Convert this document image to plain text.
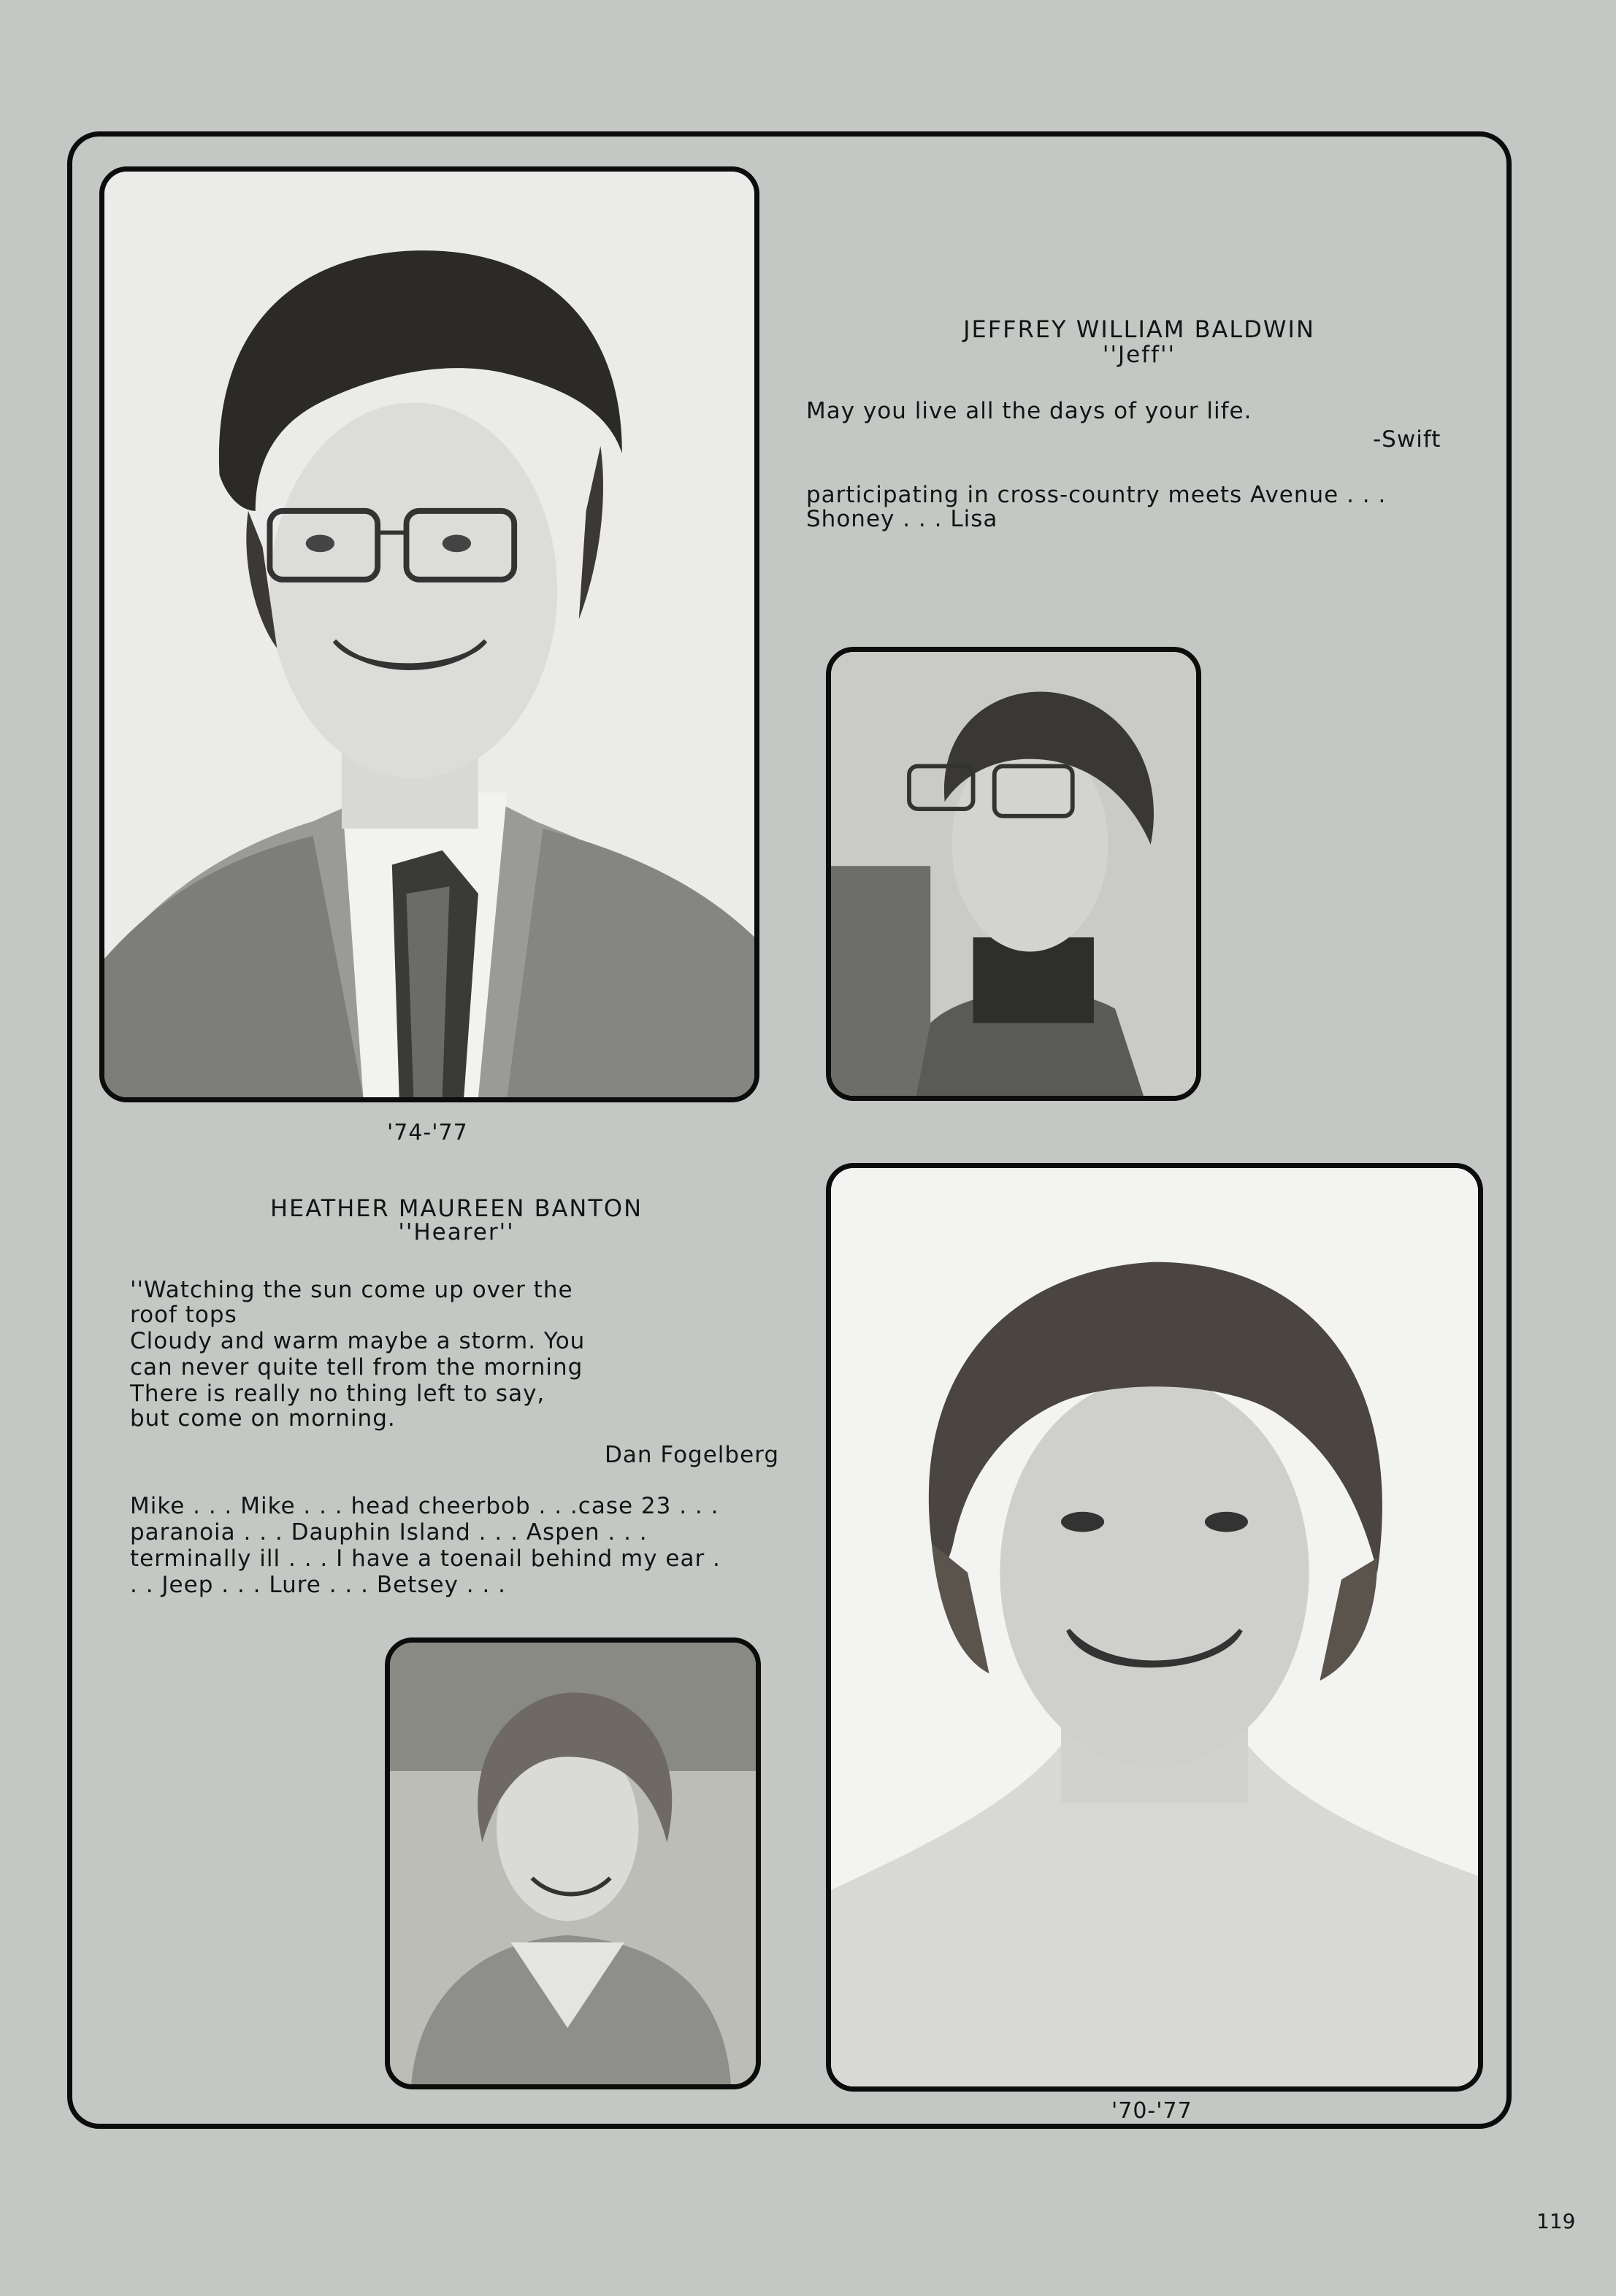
JEFFREY WILLIAM BALDWIN
''Jeff''
May you live all the days of your life.
-Swift
participating in cross-country meets Avenue . . .
Shoney . . . Lisa
'74-'77
HEATHER MAUREEN BANTON
''Hearer''
''Watching the sun come up over the
roof tops
Cloudy and warm maybe a storm. You
can never quite tell from the morning
There is really no thing left to say,
but come on morning.
Dan Fogelberg
Mike . . . Mike . . . head cheerbob . . .case 23 . . .
paranoia . . . Dauphin Island . . . Aspen . . .
terminally ill . . . I have a toenail behind my ear .
. . Jeep . . . Lure . . . Betsey . . .
'70-'77
119
